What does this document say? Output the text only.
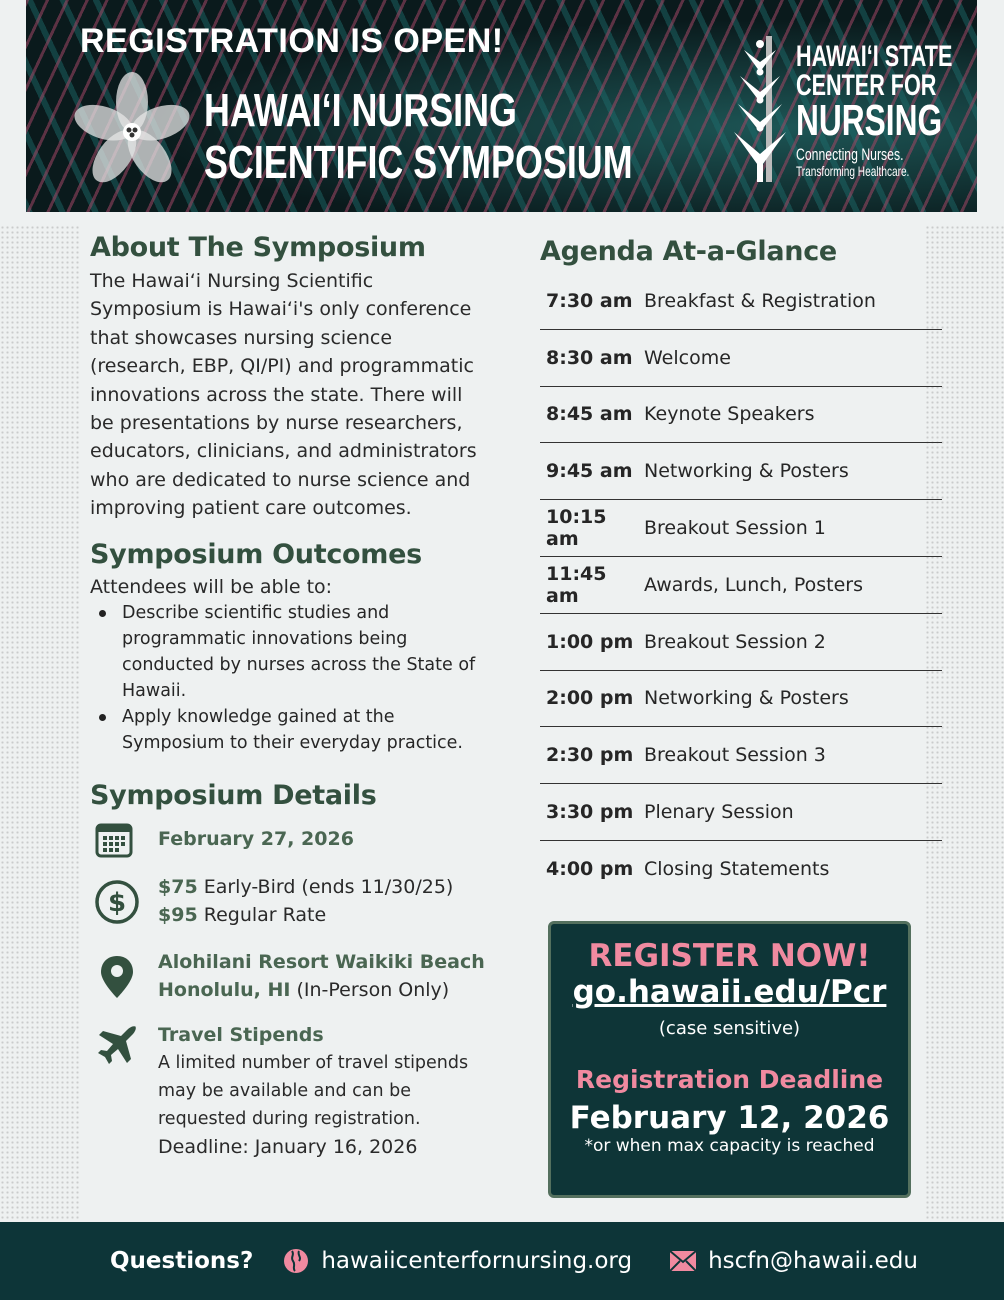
REGISTRATION IS OPEN!
HAWAIʻI NURSING
SCIENTIFIC SYMPOSIUM
HAWAIʻI STATE
CENTER FOR
NURSING
Connecting Nurses.
Transforming Healthcare.
About The Symposium

The Hawaiʻi Nursing Scientific Symposium is Hawaiʻi's only conference that showcases nursing science (research, EBP, QI/PI) and programmatic innovations across the state. There will be presentations by nurse researchers, educators, clinicians, and administrators who are dedicated to nurse science and improving patient care outcomes.

Symposium Outcomes

Attendees will be able to:

Describe scientific studies and programmatic innovations being conducted by nurses across the State of Hawaii.
Apply knowledge gained at the Symposium to their everyday practice.
Symposium Details
February 27, 2026
$
$75 Early-Bird (ends 11/30/25)
$95 Regular Rate
Alohilani Resort Waikiki Beach
Honolulu, HI (In-Person Only)
Travel Stipends
A limited number of travel stipends may be available and can be requested during registration.
Deadline: January 16, 2026
Agenda At-a-Glance
7:30 am Breakfast & Registration
8:30 am Welcome
8:45 am Keynote Speakers
9:45 am Networking & Posters
10:15 am	Breakout Session 1
11:45 am	Awards, Lunch, Posters
1:00 pm Breakout Session 2
2:00 pm Networking & Posters
2:30 pm Breakout Session 3
3:30 pm Plenary Session
4:00 pm Closing Statements
REGISTER NOW!
go.hawaii.edu/Pcr
(case sensitive)
Registration Deadline
February 12, 2026
*or when max capacity is reached
Questions?	hawaiicenterfornursing.org	hscfn@hawaii.edu
